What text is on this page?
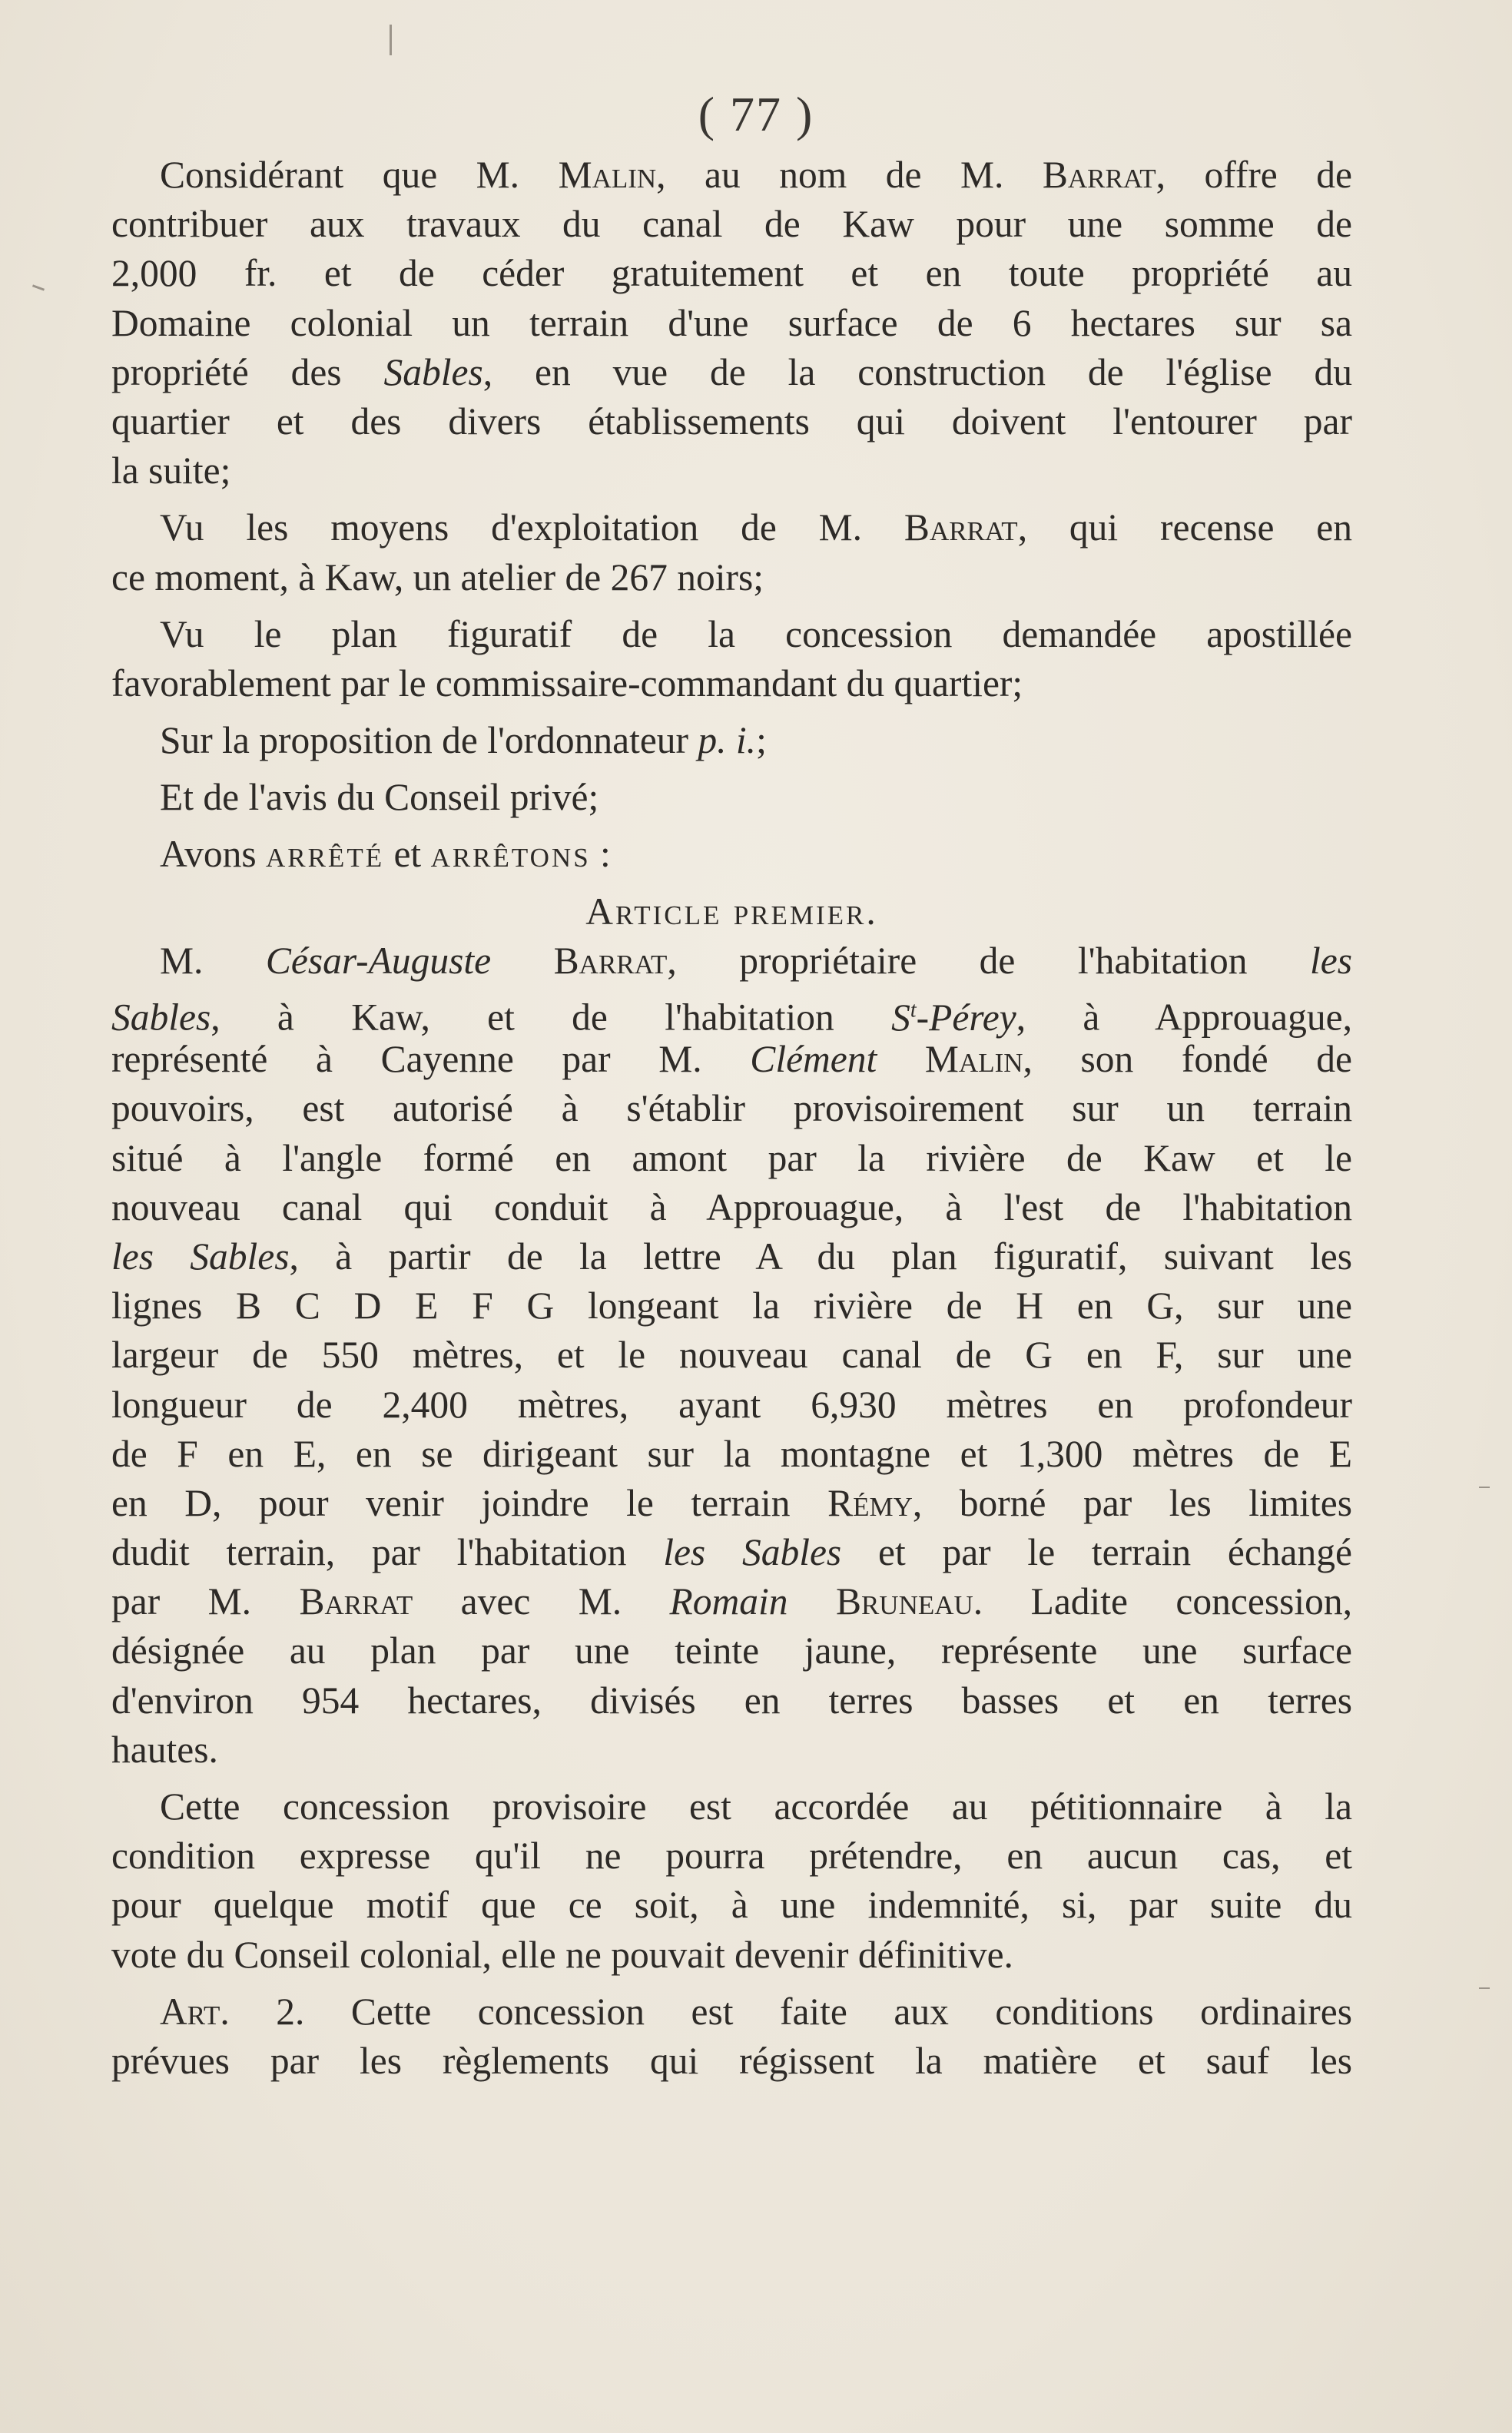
( 77 )
Considérant que M. Malin, au nom de M. Barrat, offre de
contribuer aux travaux du canal de Kaw pour une somme de
2,000 fr. et de céder gratuitement et en toute propriété au
Domaine colonial un terrain d'une surface de 6 hectares sur sa
propriété des Sables, en vue de la construction de l'église du
quartier et des divers établissements qui doivent l'entourer par
la suite;
Vu les moyens d'exploitation de M. Barrat, qui recense en
ce moment, à Kaw, un atelier de 267 noirs;
Vu le plan figuratif de la concession demandée apostillée
favorablement par le commissaire-commandant du quartier;
Sur la proposition de l'ordonnateur p. i.;
Et de l'avis du Conseil privé;
Avons arrêté et arrêtons :
Article premier.
M. César-Auguste Barrat, propriétaire de l'habitation les
Sables, à Kaw, et de l'habitation $S^t$-Pérey, à Approuague,
représenté à Cayenne par M. Clément Malin, son fondé de
pouvoirs, est autorisé à s'établir provisoirement sur un terrain
situé à l'angle formé en amont par la rivière de Kaw et le
nouveau canal qui conduit à Approuague, à l'est de l'habitation
les Sables, à partir de la lettre A du plan figuratif, suivant les
lignes B C D E F G longeant la rivière de H en G, sur une
largeur de 550 mètres, et le nouveau canal de G en F, sur une
longueur de 2,400 mètres, ayant 6,930 mètres en profondeur
de F en E, en se dirigeant sur la montagne et 1,300 mètres de E
en D, pour venir joindre le terrain Rémy, borné par les limites
dudit terrain, par l'habitation les Sables et par le terrain échangé
par M. Barrat avec M. Romain Bruneau. Ladite concession,
désignée au plan par une teinte jaune, représente une surface
d'environ 954 hectares, divisés en terres basses et en terres
hautes.
Cette concession provisoire est accordée au pétitionnaire à la
condition expresse qu'il ne pourra prétendre, en aucun cas, et
pour quelque motif que ce soit, à une indemnité, si, par suite du
vote du Conseil colonial, elle ne pouvait devenir définitive.
Art. 2. Cette concession est faite aux conditions ordinaires
prévues par les règlements qui régissent la matière et sauf les
